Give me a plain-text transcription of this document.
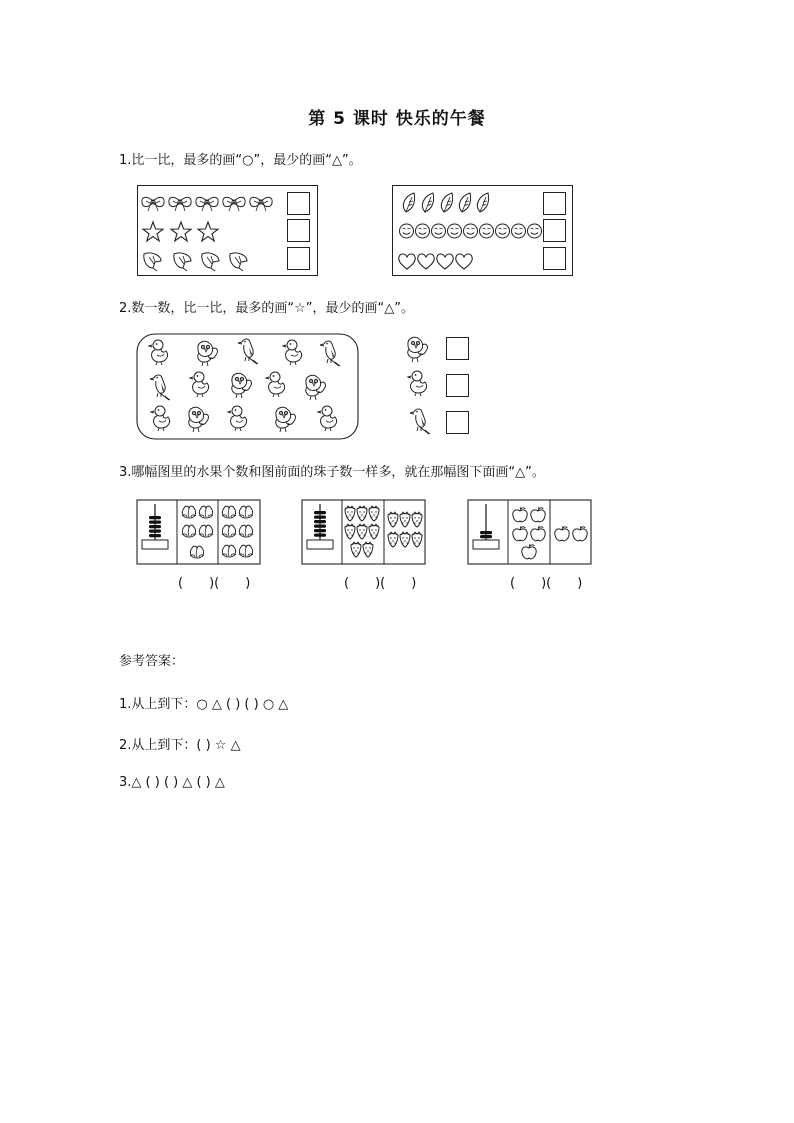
第 5 课时 快乐的午餐
1.比一比，最多的画“○”，最少的画“△”。
2.数一数，比一比，最多的画“☆”，最少的画“△”。
3.哪幅图里的水果个数和图前面的珠子数一样多，就在那幅图下面画“△”。
(　　)(　　)	(　　)(　　)	(　　)(　　)
参考答案：
1.从上到下：○ △ ( ) ( ) ○ △
2.从上到下：( ) ☆ △
3.△ ( ) ( ) △ ( ) △
